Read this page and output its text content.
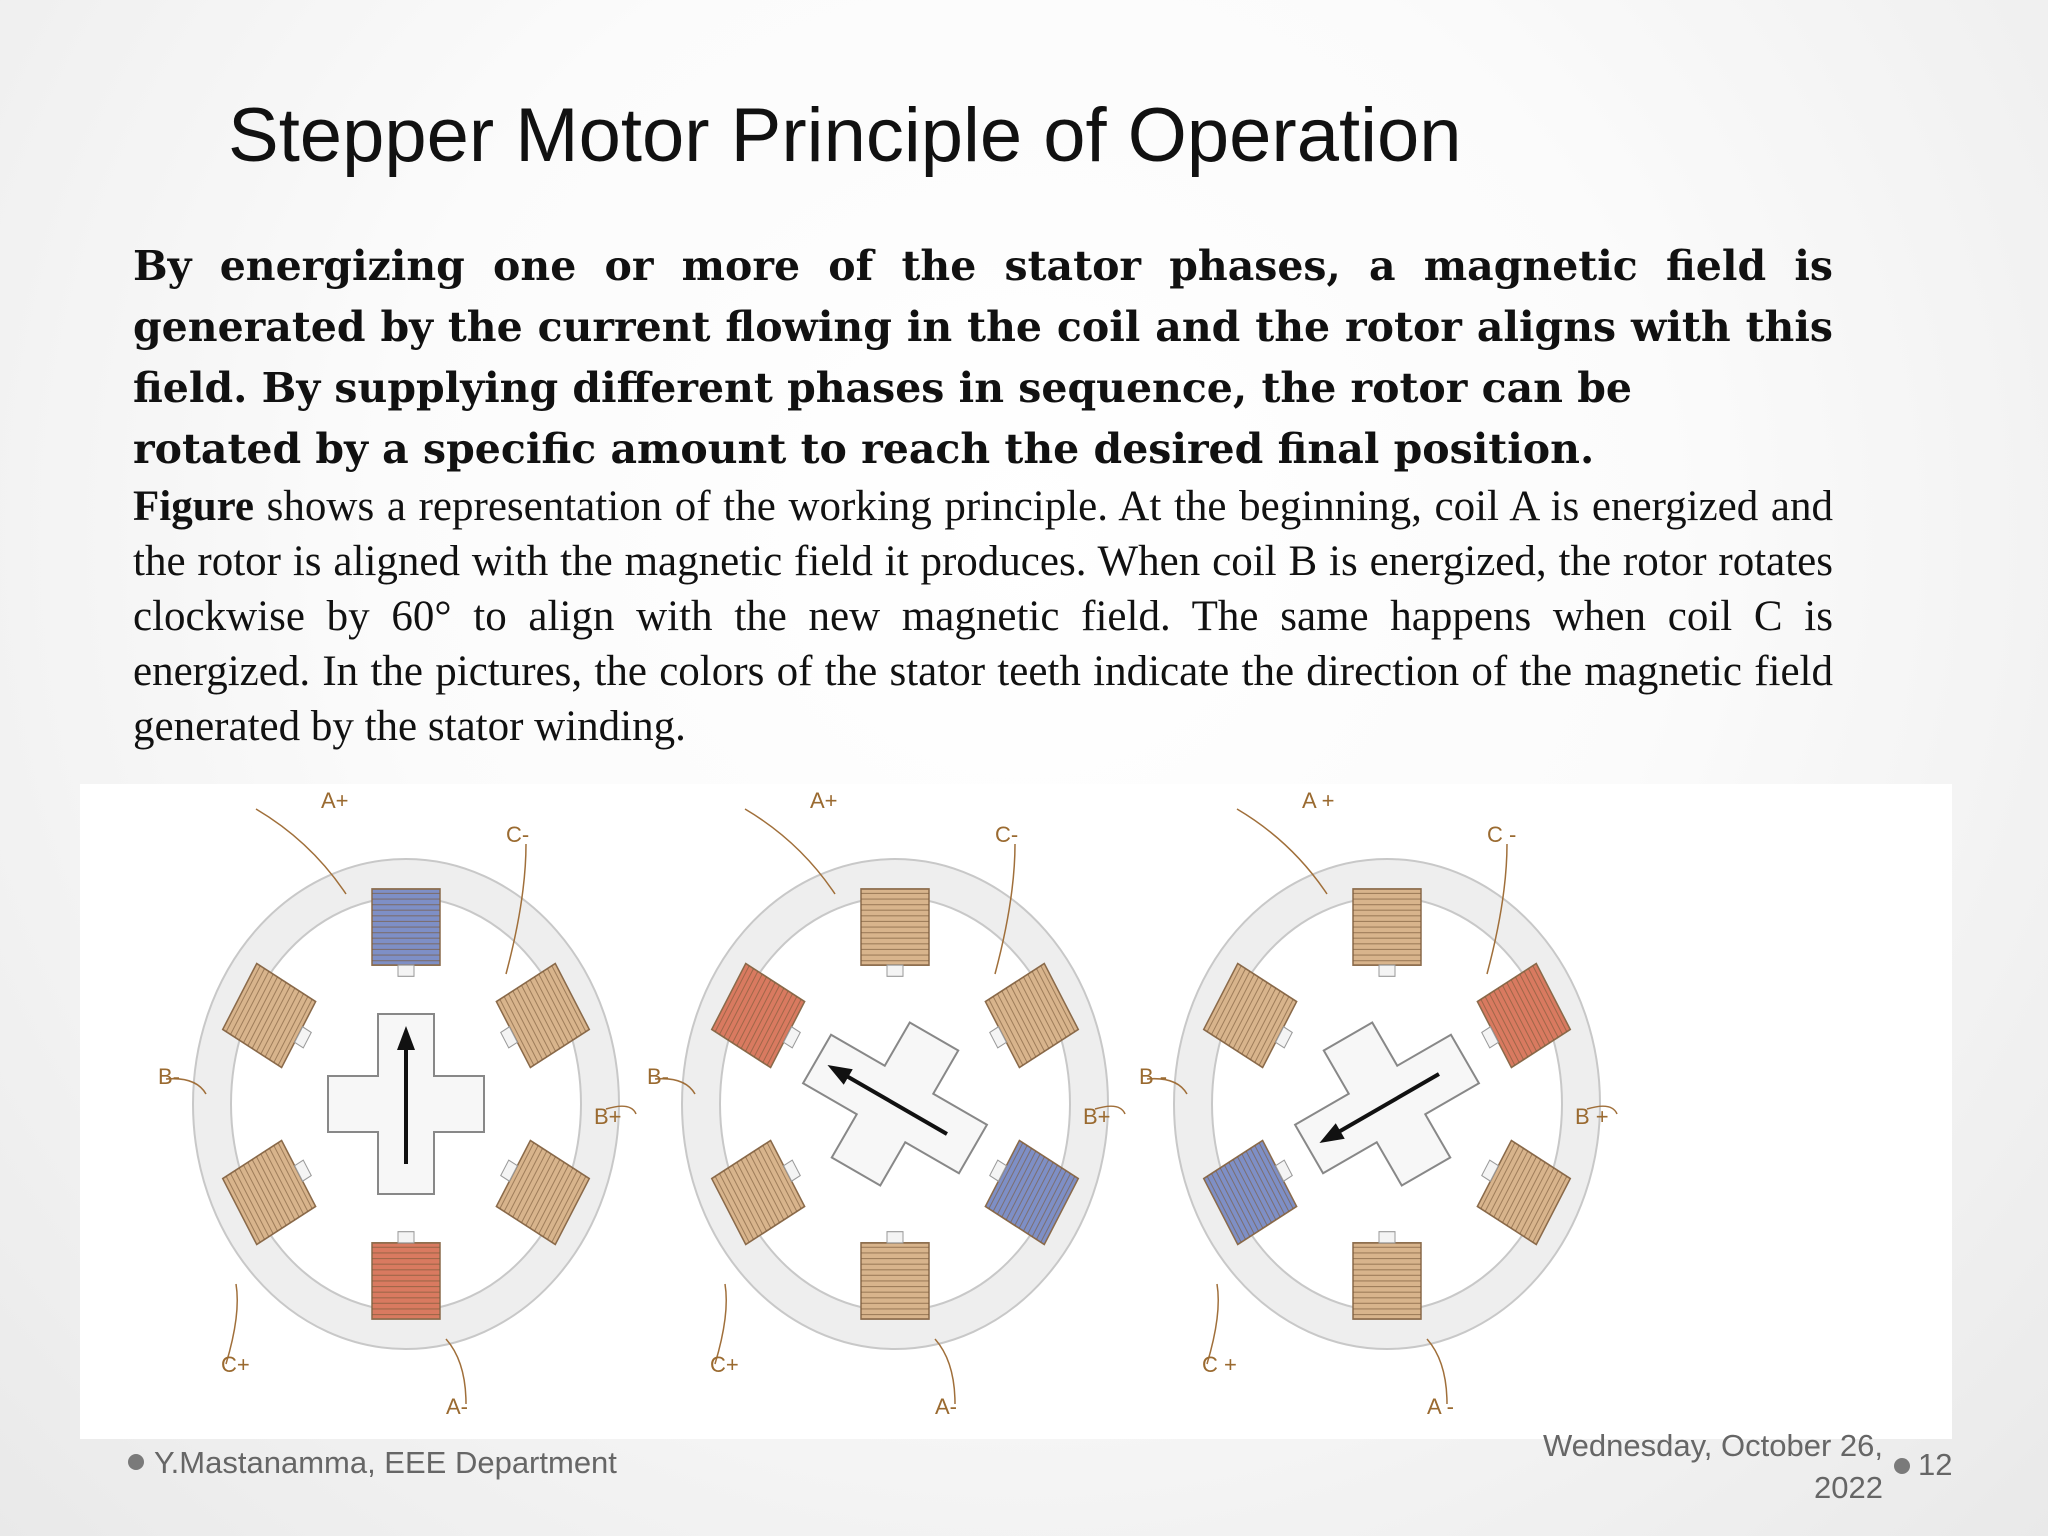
Stepper Motor Principle of Operation

By energizing one or more of the stator phases, a magnetic field is generated by the current flowing in the coil and the rotor aligns with this field. By supplying different phases in sequence, the rotor can be
rotated by a specific amount to reach the desired final position.

Figure shows a representation of the working principle. At the beginning, coil A is energized and the rotor is aligned with the magnetic field it produces. When coil B is energized, the rotor rotates clockwise by 60° to align with the new magnetic field. The same happens when coil C is energized. In the pictures, the colors of the stator teeth indicate the direction of the magnetic field generated by the stator winding.

A+
C-
B-
B+
C+
A-
A+
C-
B-
B+
C+
A-
A +
C -
B -
B +
C +
A -
Y.Mastanamma, EEE Department	Wednesday, October 26,
2022
12
